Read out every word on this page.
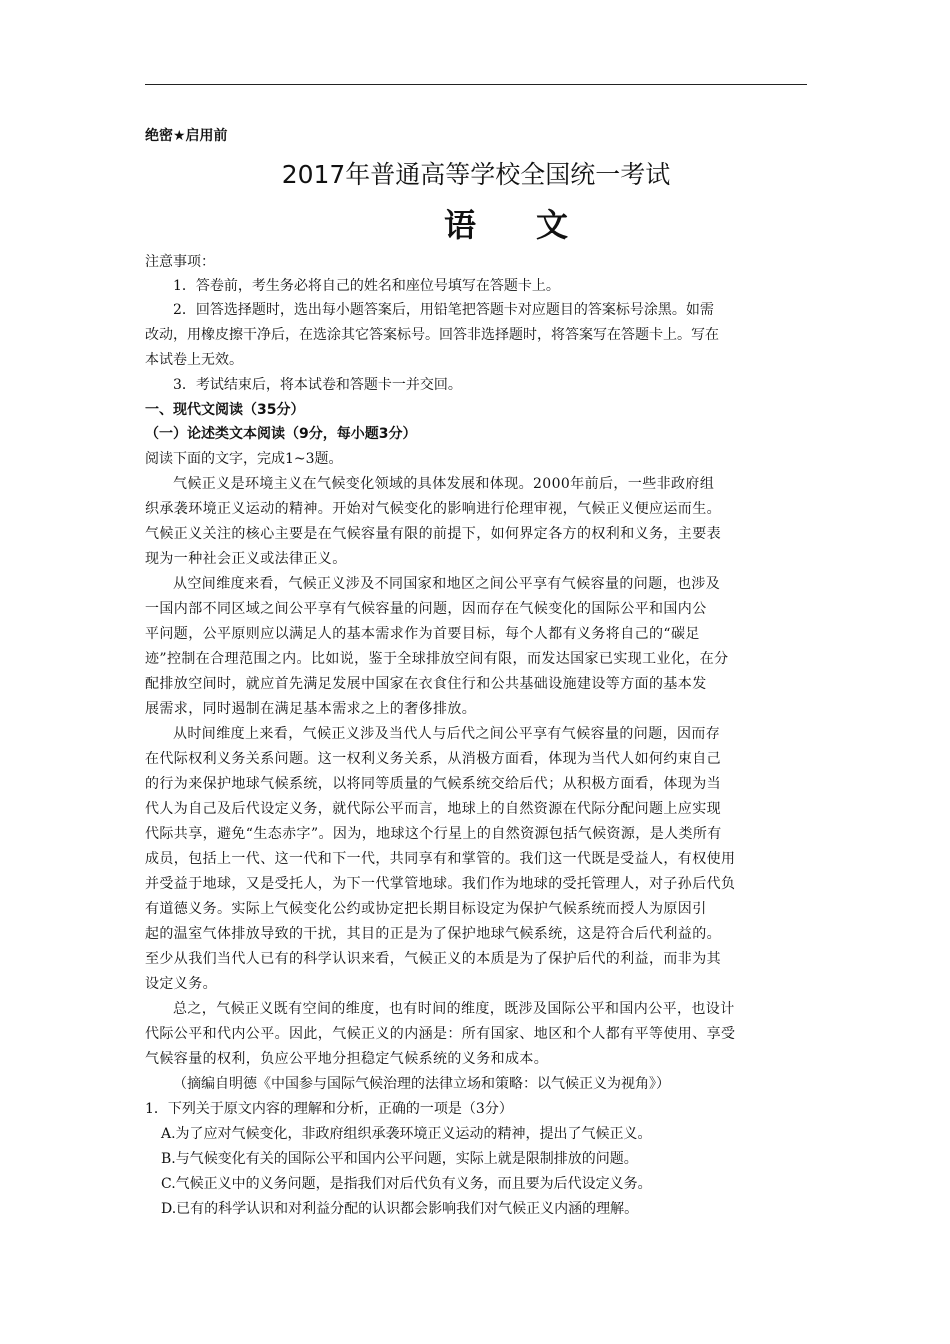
绝密★启用前
2017年普通高等学校全国统一考试
语文
注意事项：
1．答卷前，考生务必将自己的姓名和座位号填写在答题卡上。
2．回答选择题时，选出每小题答案后，用铅笔把答题卡对应题目的答案标号涂黑。如需
改动，用橡皮擦干净后，在选涂其它答案标号。回答非选择题时，将答案写在答题卡上。写在
本试卷上无效。
3．考试结束后，将本试卷和答题卡一并交回。
一、现代文阅读（35分）
（一）论述类文本阅读（9分，每小题3分）
阅读下面的文字，完成1~3题。
气候正义是环境主义在气候变化领域的具体发展和体现。2000年前后，一些非政府组
织承袭环境正义运动的精神。开始对气候变化的影响进行伦理审视，气候正义便应运而生。
气候正义关注的核心主要是在气候容量有限的前提下，如何界定各方的权利和义务，主要表
现为一种社会正义或法律正义。
从空间维度来看，气候正义涉及不同国家和地区之间公平享有气候容量的问题，也涉及
一国内部不同区域之间公平享有气候容量的问题，因而存在气候变化的国际公平和国内公
平问题，公平原则应以满足人的基本需求作为首要目标，每个人都有义务将自己的“碳足
迹”控制在合理范围之内。比如说，鉴于全球排放空间有限，而发达国家已实现工业化，在分
配排放空间时，就应首先满足发展中国家在衣食住行和公共基础设施建设等方面的基本发
展需求，同时遏制在满足基本需求之上的奢侈排放。
从时间维度上来看，气候正义涉及当代人与后代之间公平享有气候容量的问题，因而存
在代际权利义务关系问题。这一权利义务关系，从消极方面看，体现为当代人如何约束自己
的行为来保护地球气候系统，以将同等质量的气候系统交给后代；从积极方面看，体现为当
代人为自己及后代设定义务，就代际公平而言，地球上的自然资源在代际分配问题上应实现
代际共享，避免“生态赤字”。因为，地球这个行星上的自然资源包括气候资源，是人类所有
成员，包括上一代、这一代和下一代，共同享有和掌管的。我们这一代既是受益人，有权使用
并受益于地球，又是受托人，为下一代掌管地球。我们作为地球的受托管理人，对子孙后代负
有道德义务。实际上气候变化公约或协定把长期目标设定为保护气候系统而授人为原因引
起的温室气体排放导致的干扰，其目的正是为了保护地球气候系统，这是符合后代利益的。
至少从我们当代人已有的科学认识来看，气候正义的本质是为了保护后代的利益，而非为其
设定义务。
总之，气候正义既有空间的维度，也有时间的维度，既涉及国际公平和国内公平，也设计
代际公平和代内公平。因此，气候正义的内涵是：所有国家、地区和个人都有平等使用、享受
气候容量的权利，负应公平地分担稳定气候系统的义务和成本。
（摘编自明德《中国参与国际气候治理的法律立场和策略：以气候正义为视角》）
1．下列关于原文内容的理解和分析，正确的一项是（3分）
A.为了应对气候变化，非政府组织承袭环境正义运动的精神，提出了气候正义。
B.与气候变化有关的国际公平和国内公平问题，实际上就是限制排放的问题。
C.气候正义中的义务问题，是指我们对后代负有义务，而且要为后代设定义务。
D.已有的科学认识和对利益分配的认识都会影响我们对气候正义内涵的理解。
